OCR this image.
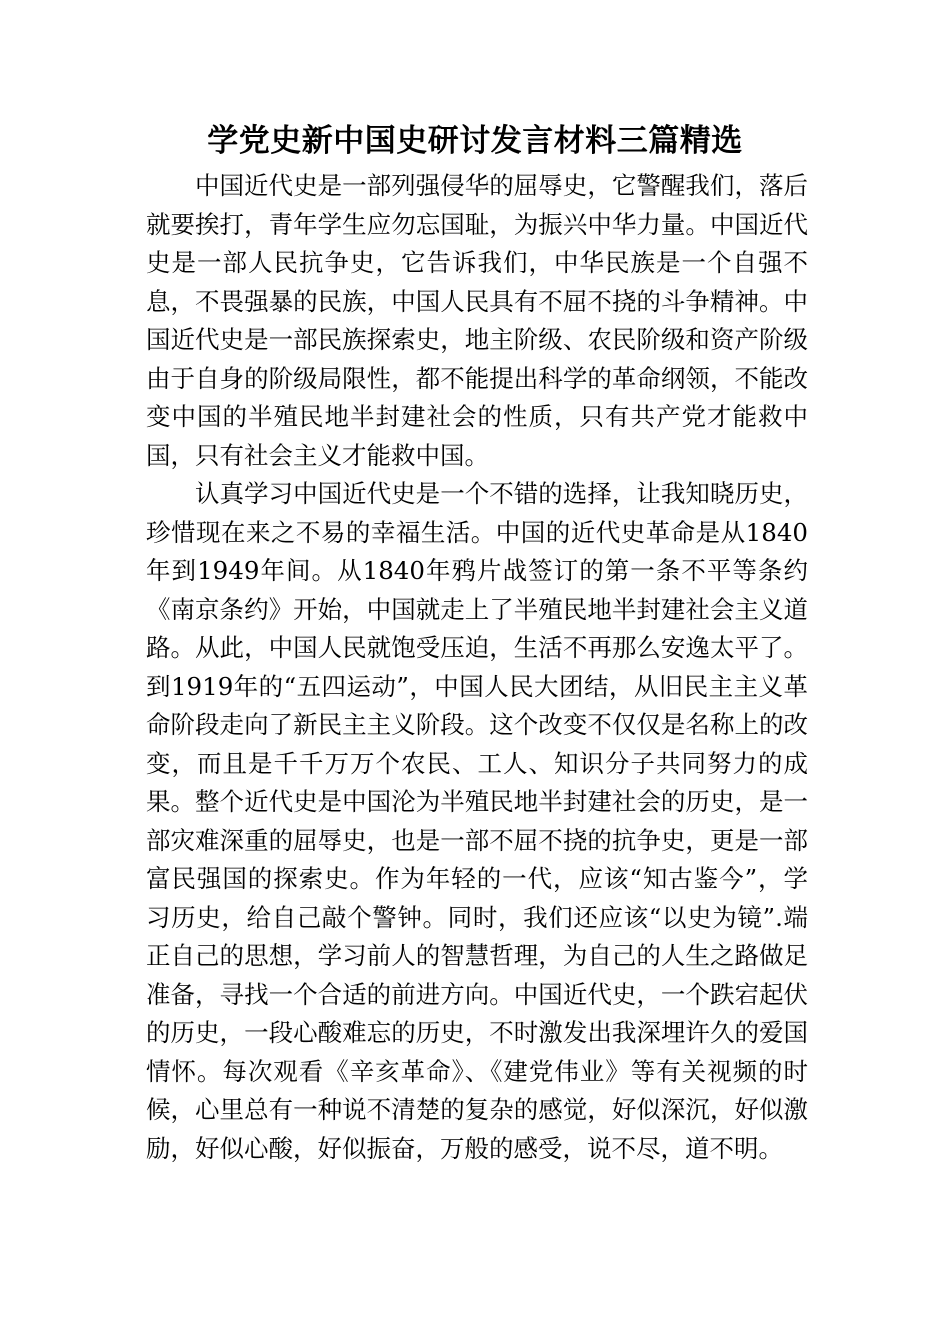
学党史新中国史研讨发言材料三篇精选

中国近代史是一部列强侵华的屈辱史，它警醒我们，落后就要挨打，青年学生应勿忘国耻，为振兴中华力量。中国近代史是一部人民抗争史，它告诉我们，中华民族是一个自强不息，不畏强暴的民族，中国人民具有不屈不挠的斗争精神。中国近代史是一部民族探索史，地主阶级、农民阶级和资产阶级由于自身的阶级局限性，都不能提出科学的革命纲领，不能改变中国的半殖民地半封建社会的性质，只有共产党才能救中国，只有社会主义才能救中国。

认真学习中国近代史是一个不错的选择，让我知晓历史，珍惜现在来之不易的幸福生活。中国的近代史革命是从1840年到1949年间。从1840年鸦片战签订的第一条不平等条约《南京条约》开始，中国就走上了半殖民地半封建社会主义道路。从此，中国人民就饱受压迫，生活不再那么安逸太平了。到1919年的“五四运动”，中国人民大团结，从旧民主主义革命阶段走向了新民主主义阶段。这个改变不仅仅是名称上的改变，而且是千千万万个农民、工人、知识分子共同努力的成果。整个近代史是中国沦为半殖民地半封建社会的历史，是一部灾难深重的屈辱史，也是一部不屈不挠的抗争史，更是一部富民强国的探索史。作为年轻的一代，应该“知古鉴今”，学习历史，给自己敲个警钟。同时，我们还应该“以史为镜”.端正自己的思想，学习前人的智慧哲理，为自己的人生之路做足准备，寻找一个合适的前进方向。中国近代史，一个跌宕起伏的历史，一段心酸难忘的历史，不时激发出我深埋许久的爱国情怀。每次观看《辛亥革命》、《建党伟业》等有关视频的时候，心里总有一种说不清楚的复杂的感觉，好似深沉，好似激励，好似心酸，好似振奋，万般的感受，说不尽，道不明。
